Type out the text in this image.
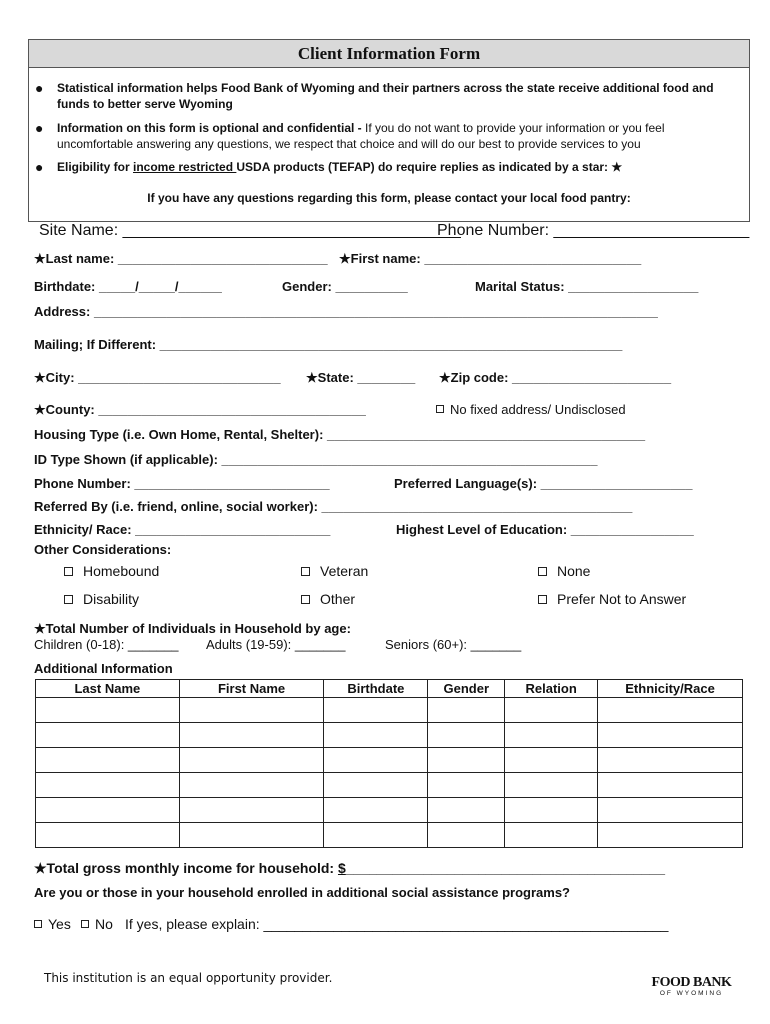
Client Information Form
● Statistical information helps Food Bank of Wyoming and their partners across the state receive additional food and funds to better serve Wyoming
● Information on this form is optional and confidential - If you do not want to provide your information or you feel uncomfortable answering any questions, we respect that choice and will do our best to provide services to you
● Eligibility for income restricted USDA products (TEFAP) do require replies as indicated by a star: ★
If you have any questions regarding this form, please contact your local food pantry:
Site Name: ______________________________________
Phone Number: ______________________
★Last name: _____________________________ ★First name: ______________________________
Birthdate: _____/_____/______	Gender: __________	Marital Status: __________________
Address: ______________________________________________________________________________
Mailing; If Different: ________________________________________________________________
★City: ____________________________ ★State: ________ ★Zip code: ______________________
★County: _____________________________________	No fixed address/ Undisclosed
Housing Type (i.e. Own Home, Rental, Shelter): ____________________________________________
ID Type Shown (if applicable): ____________________________________________________
Phone Number: ___________________________	Preferred Language(s): _____________________
Referred By (i.e. friend, online, social worker): ___________________________________________
Ethnicity/ Race: ___________________________	Highest Level of Education: _________________
Other Considerations:
Homebound	Veteran	None
Disability	Other	Prefer Not to Answer
★Total Number of Individuals in Household by age:
Children (0-18): _______ Adults (19-59): _______	Seniors (60+): _______
Additional Information
Last Name	First Name	Birthdate	Gender	Relation	Ethnicity/Race

★Total gross monthly income for household: $_________________________________________
Are you or those in your household enrolled in additional social assistance programs?
Yes	No If yes, please explain: ____________________________________________________
This institution is an equal opportunity provider.	FOOD BANK
OF WYOMING
